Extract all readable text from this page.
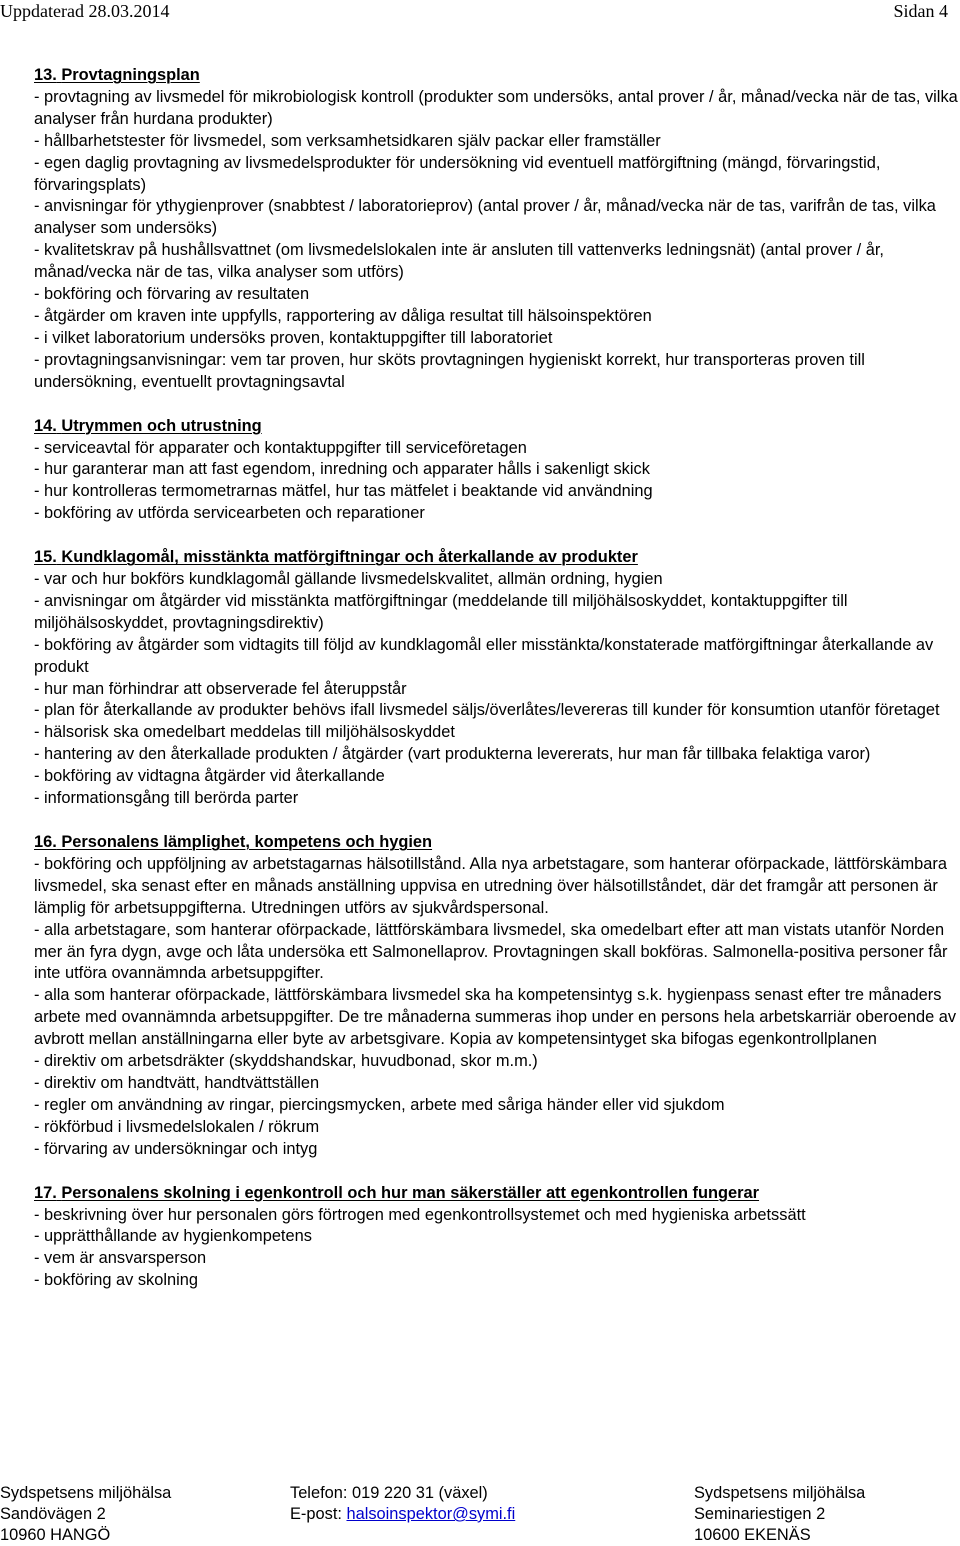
Uppdaterad 28.03.2014	Sidan 4

13. Provtagningsplan

- provtagning av livsmedel för mikrobiologisk kontroll (produkter som undersöks, antal prover / år, månad/vecka när de tas, vilka analyser från hurdana produkter)

- hållbarhetstester för livsmedel, som verksamhetsidkaren själv packar eller framställer

- egen daglig provtagning av livsmedelsprodukter för undersökning vid eventuell matförgiftning (mängd, förvaringstid, förvaringsplats)

- anvisningar för ythygienprover (snabbtest / laboratorieprov) (antal prover / år, månad/vecka när de tas, varifrån de tas, vilka analyser som undersöks)

- kvalitetskrav på hushållsvattnet (om livsmedelslokalen inte är ansluten till vattenverks ledningsnät) (antal prover / år, månad/vecka när de tas, vilka analyser som utförs)

- bokföring och förvaring av resultaten

- åtgärder om kraven inte uppfylls, rapportering av dåliga resultat till hälsoinspektören

- i vilket laboratorium undersöks proven, kontaktuppgifter till laboratoriet

- provtagningsanvisningar: vem tar proven, hur sköts provtagningen hygieniskt korrekt, hur transporteras proven till undersökning, eventuellt provtagningsavtal

14. Utrymmen och utrustning

- serviceavtal för apparater och kontaktuppgifter till serviceföretagen

- hur garanterar man att fast egendom, inredning och apparater hålls i sakenligt skick

- hur kontrolleras termometrarnas mätfel, hur tas mätfelet i beaktande vid användning

- bokföring av utförda servicearbeten och reparationer

15. Kundklagomål, misstänkta matförgiftningar och återkallande av produkter

- var och hur bokförs kundklagomål gällande livsmedelskvalitet, allmän ordning, hygien

- anvisningar om åtgärder vid misstänkta matförgiftningar (meddelande till miljöhälsoskyddet, kontaktuppgifter till miljöhälsoskyddet, provtagningsdirektiv)

- bokföring av åtgärder som vidtagits till följd av kundklagomål eller misstänkta/konstaterade matförgiftningar återkallande av produkt

- hur man förhindrar att observerade fel återuppstår

- plan för återkallande av produkter behövs ifall livsmedel säljs/överlåtes/levereras till kunder för konsumtion utanför företaget

- hälsorisk ska omedelbart meddelas till miljöhälsoskyddet

- hantering av den återkallade produkten / åtgärder (vart produkterna levererats, hur man får tillbaka felaktiga varor)

- bokföring av vidtagna åtgärder vid återkallande

- informationsgång till berörda parter

16. Personalens lämplighet, kompetens och hygien

- bokföring och uppföljning av arbetstagarnas hälsotillstånd. Alla nya arbetstagare, som hanterar oförpackade, lättförskämbara livsmedel, ska senast efter en månads anställning uppvisa en utredning över hälsotillståndet, där det framgår att personen är lämplig för arbetsuppgifterna. Utredningen utförs av sjukvårdspersonal.

- alla arbetstagare, som hanterar oförpackade, lättförskämbara livsmedel, ska omedelbart efter att man vistats utanför Norden mer än fyra dygn, avge och låta undersöka ett Salmonellaprov. Provtagningen skall bokföras. Salmonella-positiva personer får inte utföra ovannämnda arbetsuppgifter.

- alla som hanterar oförpackade, lättförskämbara livsmedel ska ha kompetensintyg s.k. hygienpass senast efter tre månaders arbete med ovannämnda arbetsuppgifter. De tre månaderna summeras ihop under en persons hela arbetskarriär oberoende av avbrott mellan anställningarna eller byte av arbetsgivare. Kopia av kompetensintyget ska bifogas egenkontrollplanen

- direktiv om arbetsdräkter (skyddshandskar, huvudbonad, skor m.m.)

- direktiv om handtvätt, handtvättställen

- regler om användning av ringar, piercingsmycken, arbete med såriga händer eller vid sjukdom

- rökförbud i livsmedelslokalen / rökrum

- förvaring av undersökningar och intyg

17. Personalens skolning i egenkontroll och hur man säkerställer att egenkontrollen fungerar

- beskrivning över hur personalen görs förtrogen med egenkontrollsystemet och med hygieniska arbetssätt

- upprätthållande av hygienkompetens

- vem är ansvarsperson

- bokföring av skolning

Sydspetsens miljöhälsa
Sandövägen 2
10960 HANGÖ
Telefon: 019 220 31 (växel)
E-post: halsoinspektor@symi.fi
Sydspetsens miljöhälsa
Seminariestigen 2
10600 EKENÄS
